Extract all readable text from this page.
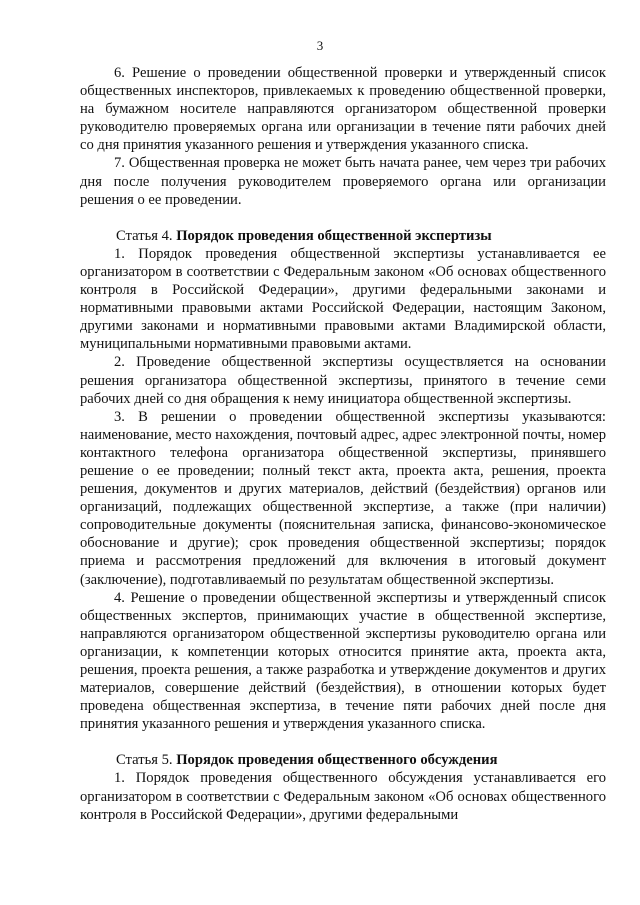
3

6. Решение о проведении общественной проверки и утвержденный список общественных инспекторов, привлекаемых к проведению общественной проверки, на бумажном носителе направляются организатором общественной проверки руководителю проверяемых органа или организации в течение пяти рабочих дней со дня принятия указанного решения и утверждения указанного списка.

7. Общественная проверка не может быть начата ранее, чем через три рабочих дня после получения руководителем проверяемого органа или организации решения о ее проведении.

Статья 4. Порядок проведения общественной экспертизы

1. Порядок проведения общественной экспертизы устанавливается ее организатором в соответствии с Федеральным законом «Об основах общественного контроля в Российской Федерации», другими федеральными законами и нормативными правовыми актами Российской Федерации, настоящим Законом, другими законами и нормативными правовыми актами Владимирской области, муниципальными нормативными правовыми актами.

2. Проведение общественной экспертизы осуществляется на основании решения организатора общественной экспертизы, принятого в течение семи рабочих дней со дня обращения к нему инициатора общественной экспертизы.

3. В решении о проведении общественной экспертизы указываются: наименование, место нахождения, почтовый адрес, адрес электронной почты, номер контактного телефона организатора общественной экспертизы, принявшего решение о ее проведении; полный текст акта, проекта акта, решения, проекта решения, документов и других материалов, действий (бездействия) органов или организаций, подлежащих общественной экспертизе, а также (при наличии) сопроводительные документы (пояснительная записка, финансово-экономическое обоснование и другие); срок проведения общественной экспертизы; порядок приема и рассмотрения предложений для включения в итоговый документ (заключение), подготавливаемый по результатам общественной экспертизы.

4. Решение о проведении общественной экспертизы и утвержденный список общественных экспертов, принимающих участие в общественной экспертизе, направляются организатором общественной экспертизы руководителю органа или организации, к компетенции которых относится принятие акта, проекта акта, решения, проекта решения, а также разработка и утверждение документов и других материалов, совершение действий (бездействия), в отношении которых будет проведена общественная экспертиза, в течение пяти рабочих дней после дня принятия указанного решения и утверждения указанного списка.

Статья 5. Порядок проведения общественного обсуждения

1. Порядок проведения общественного обсуждения устанавливается его организатором в соответствии с Федеральным законом «Об основах общественного контроля в Российской Федерации», другими федеральными
